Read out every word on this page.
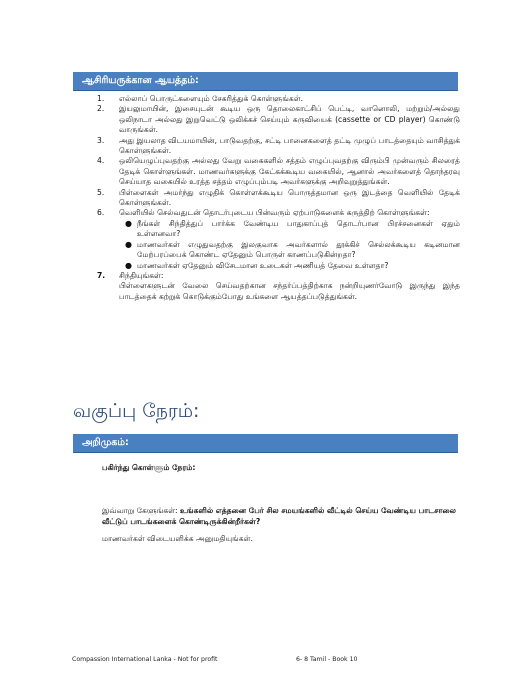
ஆசிரியருக்கான ஆயத்தம்:
1. எல்லாப் பொருட்களையும் சேகரித்துக் கொள்ளுங்கள்.
2. இயலுமாயின், இசையுடன் கூடிய ஒரு தொலைகாட்சிப் பெட்டி, வானொலி, மற்றும்/அல்லது ஒலிநாடா அல்லது இறுவெட்டு ஒலிக்கச் செய்யும் கருவியைக் (cassette or CD player) கொண்டு வாருங்கள்.
3. அது இயலாத விடயமாயின், பாடுவதற்கு, சட்டி பானைகளைத் தட்டி முழுப் பாடத்தையும் வாசித்துக் கொள்ளுங்கள்.
4. ஒலியெழுப்புவதற்கு அல்லது வேறு வகைகளில் சத்தம் எழுப்புவதற்கு விரும்பி முன்வரும் சிலரைத் தேடிக் கொள்ளுங்கள். மாணவர்களுக்கு கேட்கக்கூடிய வகையில், ஆனால் அவர்களைத் தொந்தரவு செய்யாத வகையில் உரத்த சத்தம் எழுப்பும்படி அவர்களுக்கு அறிவுறுத்துங்கள்.
5. பிள்ளைகள் அமர்ந்து எழுதிக் கொள்ளக்கூடிய பொருத்தமான ஒரு இடத்தை வெளியில் தேடிக் கொள்ளுங்கள்.
6. வெளியில் செல்வதுடன் தொடர்புடைய பின்வரும் ஏற்பாடுகளைக் கருத்திற் கொள்ளுங்கள்:
● நீங்கள் சிந்தித்துப் பார்க்க வேண்டிய பாதுகாப்புத் தொடர்பான பிரச்சனைகள் ஏதும் உள்ளனவா?
● மாணவர்கள் எழுதுவதற்கு இலகுவாக அவர்களால் தூக்கிச் செல்லக்கூடிய கடினமான மேற்பரப்பைக் கொண்ட ஏதேனும் பொருள் காணப்படுகின்றதா?
● மாணவர்கள் ஏதேனும் விசேடமான உடைகள் அணியத் தேவை உள்ளதா?
7. சிந்தியுங்கள்:
பிள்ளைகளுடன் வேலை செய்வதற்கான சந்தர்ப்பத்திற்காக நன்றியுணர்வோடு இருந்து இந்த பாடத்தைக் கற்றுக் கொடுக்கும்போது உங்களை ஆயத்தப்படுத்துங்கள்.
வகுப்பு நேரம்:
அறிமுகம்:
பகிர்ந்து கொள்ளும் நேரம்:
இவ்வாறு கேளுங்கள்: உங்களில் எத்தனை பேர் சில சமயங்களில் வீட்டில் செய்ய வேண்டிய பாடசாலை வீட்டுப் பாடங்களைக் கொண்டிருக்கின்றீர்கள்?
மாணவர்கள் விடையளிக்க அனுமதியுங்கள்.
Compassion International Lanka - Not for profit	6- 8 Tamil - Book 10
